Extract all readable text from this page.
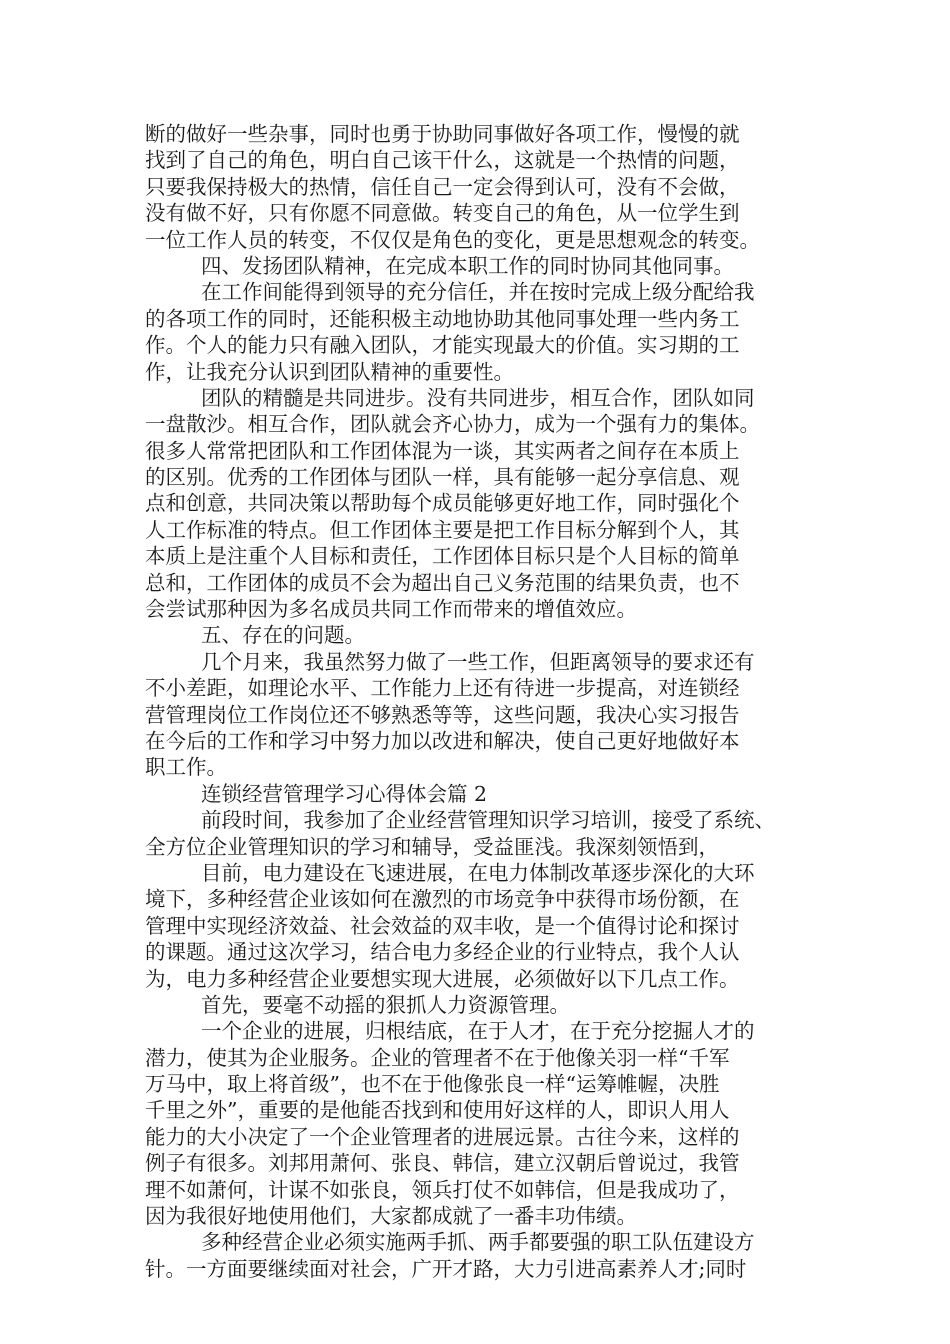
断的做好一些杂事，同时也勇于协助同事做好各项工作，慢慢的就
找到了自己的角色，明白自己该干什么，这就是一个热情的问题，
只要我保持极大的热情，信任自己一定会得到认可，没有不会做，
没有做不好，只有你愿不同意做。转变自己的角色，从一位学生到
一位工作人员的转变，不仅仅是角色的变化，更是思想观念的转变。
四、发扬团队精神，在完成本职工作的同时协同其他同事。
在工作间能得到领导的充分信任，并在按时完成上级分配给我
的各项工作的同时，还能积极主动地协助其他同事处理一些内务工
作。个人的能力只有融入团队，才能实现最大的价值。实习期的工
作，让我充分认识到团队精神的重要性。
团队的精髓是共同进步。没有共同进步，相互合作，团队如同
一盘散沙。相互合作，团队就会齐心协力，成为一个强有力的集体。
很多人常常把团队和工作团体混为一谈，其实两者之间存在本质上
的区别。优秀的工作团体与团队一样，具有能够一起分享信息、观
点和创意，共同决策以帮助每个成员能够更好地工作，同时强化个
人工作标准的特点。但工作团体主要是把工作目标分解到个人，其
本质上是注重个人目标和责任，工作团体目标只是个人目标的简单
总和，工作团体的成员不会为超出自己义务范围的结果负责，也不
会尝试那种因为多名成员共同工作而带来的增值效应。
五、存在的问题。
几个月来，我虽然努力做了一些工作，但距离领导的要求还有
不小差距，如理论水平、工作能力上还有待进一步提高，对连锁经
营管理岗位工作岗位还不够熟悉等等，这些问题，我决心实习报告
在今后的工作和学习中努力加以改进和解决，使自己更好地做好本
职工作。
连锁经营管理学习心得体会篇 2
前段时间，我参加了企业经营管理知识学习培训，接受了系统、
全方位企业管理知识的学习和辅导，受益匪浅。我深刻领悟到，
目前，电力建设在飞速进展，在电力体制改革逐步深化的大环
境下，多种经营企业该如何在激烈的市场竞争中获得市场份额，在
管理中实现经济效益、社会效益的双丰收，是一个值得讨论和探讨
的课题。通过这次学习，结合电力多经企业的行业特点，我个人认
为，电力多种经营企业要想实现大进展，必须做好以下几点工作。
首先，要毫不动摇的狠抓人力资源管理。
一个企业的进展，归根结底，在于人才，在于充分挖掘人才的
潜力，使其为企业服务。企业的管理者不在于他像关羽一样“千军
万马中，取上将首级”，也不在于他像张良一样“运筹帷幄，决胜
千里之外”，重要的是他能否找到和使用好这样的人，即识人用人
能力的大小决定了一个企业管理者的进展远景。古往今来，这样的
例子有很多。刘邦用萧何、张良、韩信，建立汉朝后曾说过，我管
理不如萧何，计谋不如张良，领兵打仗不如韩信，但是我成功了，
因为我很好地使用他们，大家都成就了一番丰功伟绩。
多种经营企业必须实施两手抓、两手都要强的职工队伍建设方
针。一方面要继续面对社会，广开才路，大力引进高素养人才;同时
